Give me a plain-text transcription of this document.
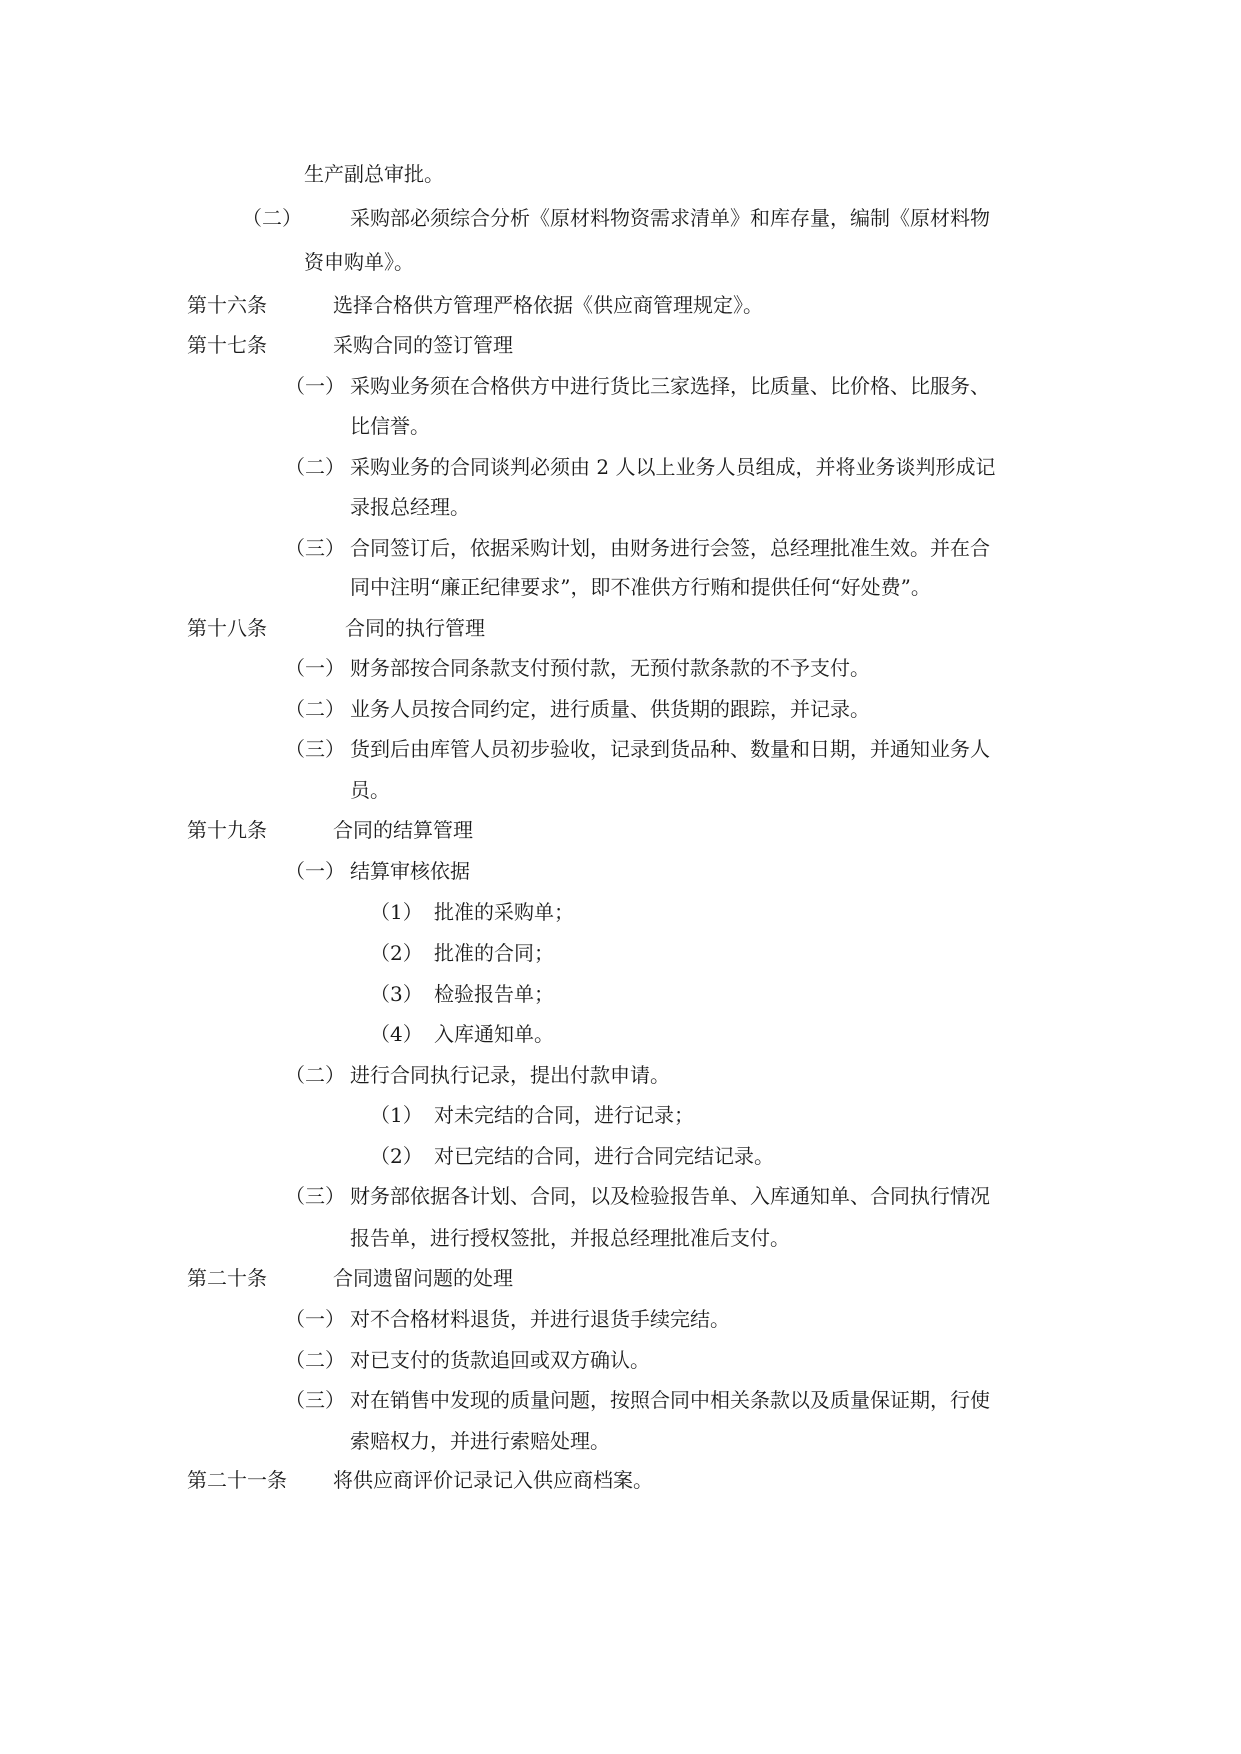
生产副总审批。
（二） 采购部必须综合分析《原材料物资需求清单》和库存量，编制《原材料物
资申购单》。
第十六条	选择合格供方管理严格依据《供应商管理规定》。
第十七条	采购合同的签订管理
（一） 采购业务须在合格供方中进行货比三家选择，比质量、比价格、比服务、
比信誉。
（二） 采购业务的合同谈判必须由 2 人以上业务人员组成，并将业务谈判形成记
录报总经理。
（三） 合同签订后，依据采购计划，由财务进行会签，总经理批准生效。并在合
同中注明“廉正纪律要求”，即不准供方行贿和提供任何“好处费”。
第十八条	合同的执行管理
（一） 财务部按合同条款支付预付款，无预付款条款的不予支付。
（二） 业务人员按合同约定，进行质量、供货期的跟踪，并记录。
（三） 货到后由库管人员初步验收，记录到货品种、数量和日期，并通知业务人
员。
第十九条	合同的结算管理
（一） 结算审核依据
（1） 批准的采购单；
（2） 批准的合同；
（3） 检验报告单；
（4） 入库通知单。
（二） 进行合同执行记录，提出付款申请。
（1） 对未完结的合同，进行记录；
（2） 对已完结的合同，进行合同完结记录。
（三） 财务部依据各计划、合同，以及检验报告单、入库通知单、合同执行情况
报告单，进行授权签批，并报总经理批准后支付。
第二十条	合同遗留问题的处理
（一） 对不合格材料退货，并进行退货手续完结。
（二） 对已支付的货款追回或双方确认。
（三） 对在销售中发现的质量问题，按照合同中相关条款以及质量保证期，行使
索赔权力，并进行索赔处理。
第二十一条 将供应商评价记录记入供应商档案。
